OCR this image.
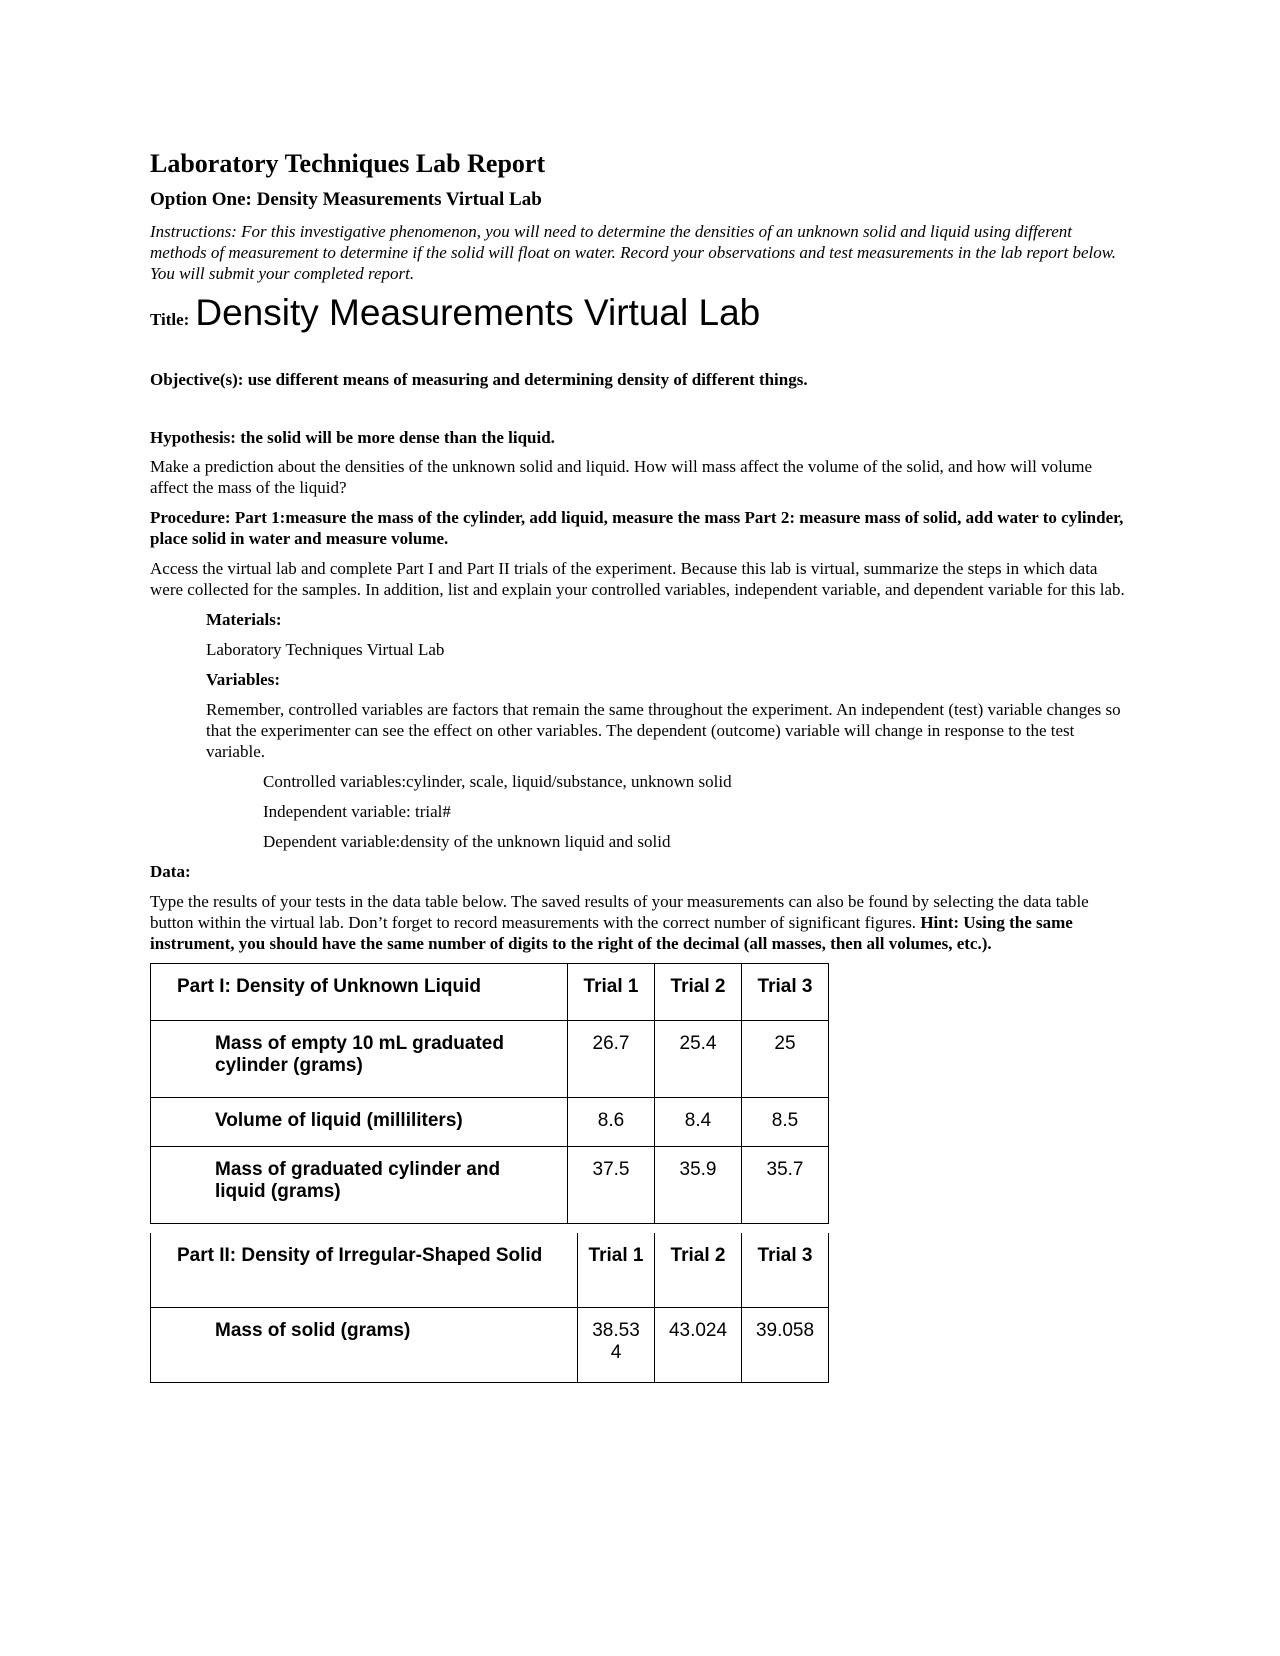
Laboratory Techniques Lab Report
Option One: Density Measurements Virtual Lab

Instructions: For this investigative phenomenon, you will need to determine the densities of an unknown solid and liquid using different methods of measurement to determine if the solid will float on water. Record your observations and test measurements in the lab report below. You will submit your completed report.

Title: Density Measurements Virtual Lab

Objective(s): use different means of measuring and determining density of different things.

Hypothesis: the solid will be more dense than the liquid.

Make a prediction about the densities of the unknown solid and liquid. How will mass affect the volume of the solid, and how will volume affect the mass of the liquid?

Procedure: Part 1:measure the mass of the cylinder, add liquid, measure the mass Part 2: measure mass of solid, add water to cylinder, place solid in water and measure volume.

Access the virtual lab and complete Part I and Part II trials of the experiment. Because this lab is virtual, summarize the steps in which data were collected for the samples. In addition, list and explain your controlled variables, independent variable, and dependent variable for this lab.

Materials:

Laboratory Techniques Virtual Lab

Variables:

Remember, controlled variables are factors that remain the same throughout the experiment. An independent (test) variable changes so that the experimenter can see the effect on other variables. The dependent (outcome) variable will change in response to the test variable.

Controlled variables:cylinder, scale, liquid/substance, unknown solid

Independent variable: trial#

Dependent variable:density of the unknown liquid and solid

Data:

Type the results of your tests in the data table below. The saved results of your measurements can also be found by selecting the data table button within the virtual lab. Don’t forget to record measurements with the correct number of significant figures. Hint: Using the same instrument, you should have the same number of digits to the right of the decimal (all masses, then all volumes, etc.).

Part I: Density of Unknown Liquid	Trial 1	Trial 2	Trial 3
Mass of empty 10 mL graduated cylinder (grams)	26.7	25.4	25
Volume of liquid (milliliters)	8.6	8.4	8.5
Mass of graduated cylinder and liquid (grams)	37.5	35.9	35.7
Part II: Density of Irregular-Shaped Solid	Trial 1	Trial 2	Trial 3
Mass of solid (grams)	38.534	43.024	39.058
